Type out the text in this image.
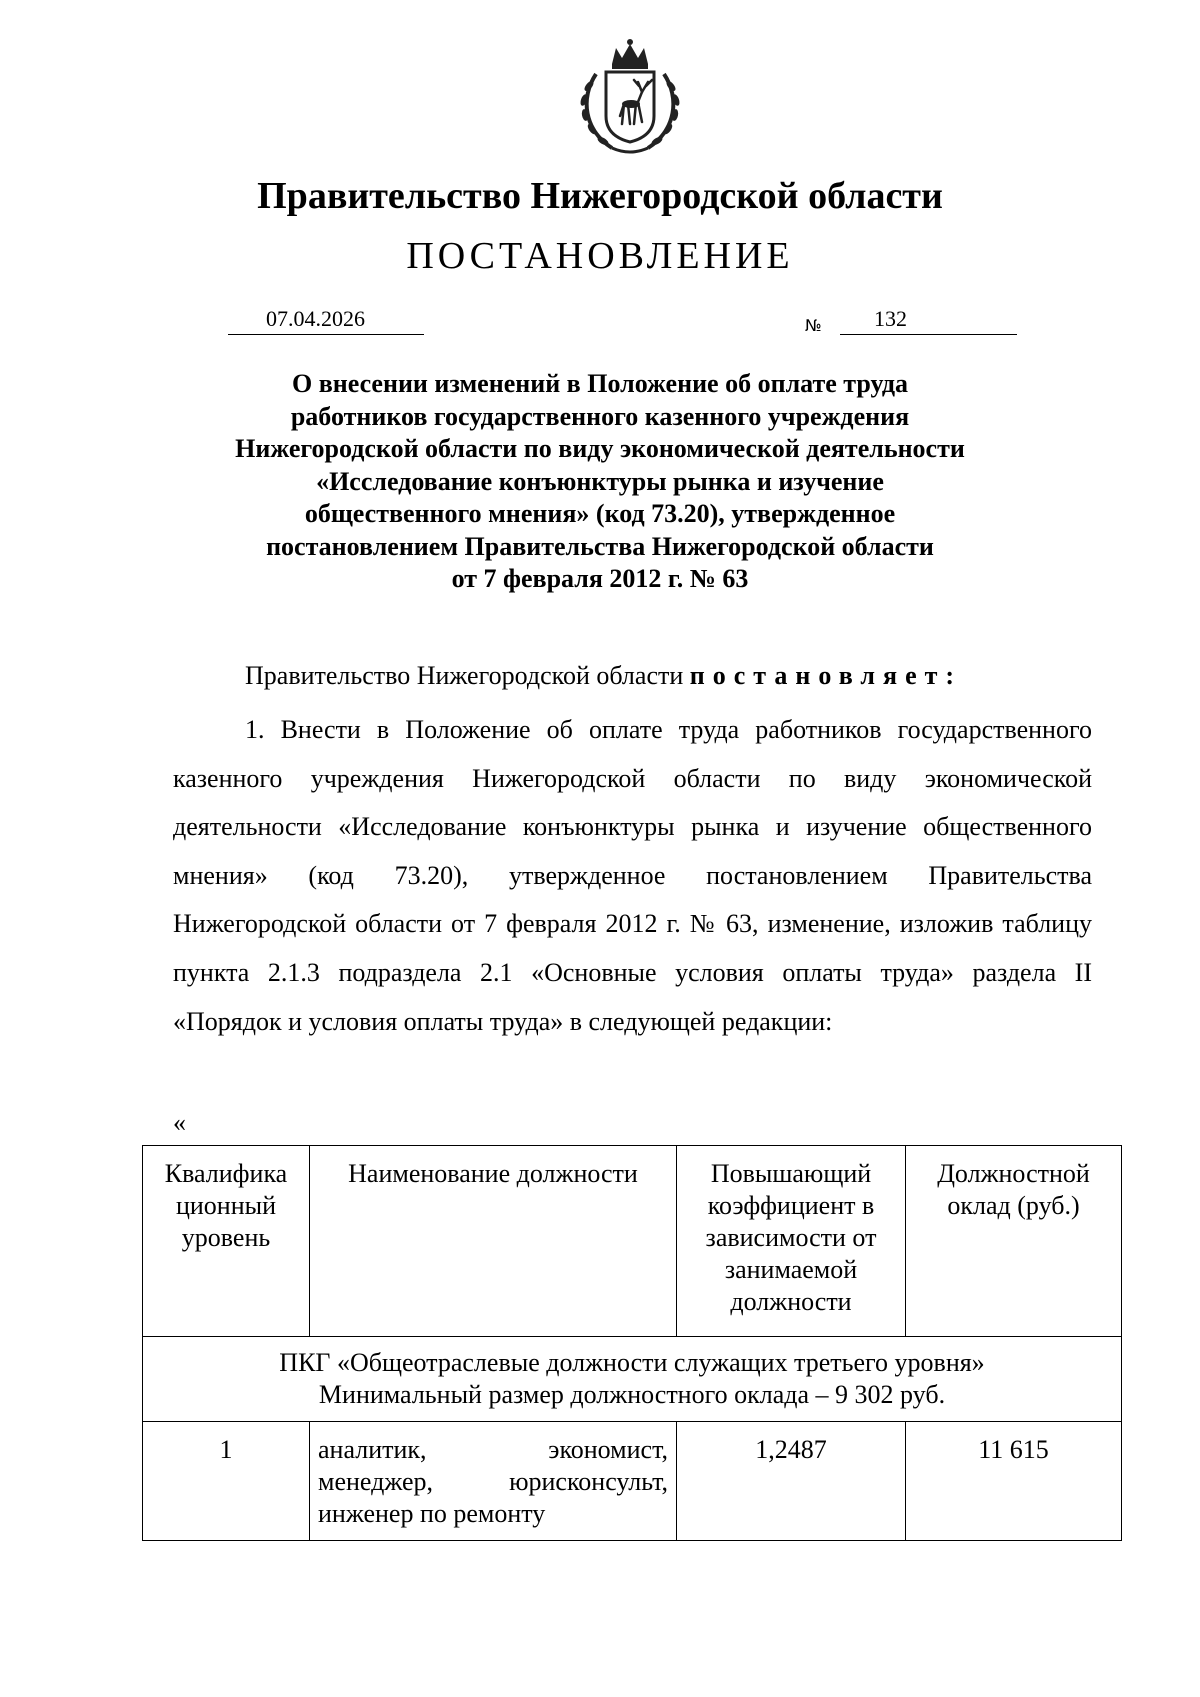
Правительство Нижегородской области
ПОСТАНОВЛЕНИЕ
07.04.2026	№ 132
О внесении изменений в Положение об оплате труда
работников государственного казенного учреждения
Нижегородской области по виду экономической деятельности
«Исследование конъюнктуры рынка и изучение
общественного мнения» (код 73.20), утвержденное
постановлением Правительства Нижегородской области
от 7 февраля 2012 г. № 63
Правительство Нижегородской области постановляет:
1. Внести в Положение об оплате труда работников государственного казенного учреждения Нижегородской области по виду экономической деятельности «Исследование конъюнктуры рынка и изучение общественного мнения» (код 73.20), утвержденное постановлением Правительства Нижегородской области от 7 февраля 2012 г. № 63, изменение, изложив таблицу пункта 2.1.3 подраздела 2.1 «Основные условия оплаты труда» раздела II «Порядок и условия оплаты труда» в следующей редакции:
«
Квалифика
ционный
уровень	Наименование должности	Повышающий коэффициент в зависимости от занимаемой должности	Должностной оклад (руб.)

ПКГ «Общеотраслевые должности служащих третьего уровня»
Минимальный размер должностного оклада – 9 302 руб.			

1	аналитик, экономист, менеджер, юрисконсульт, инженер по ремонту	1,2487	11 615
